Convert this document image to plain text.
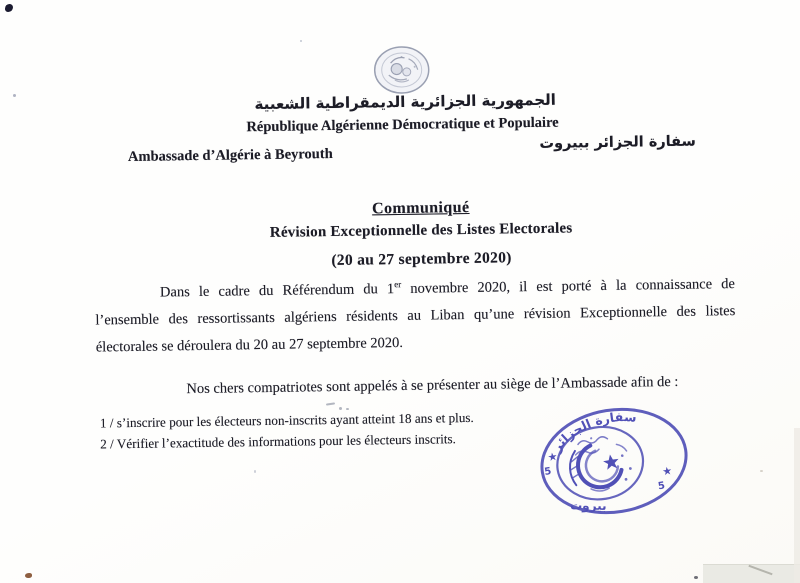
الجمهورية الجزائرية الديمقراطية الشعبية
République Algérienne Démocratique et Populaire
Ambassade d’Algérie à Beyrouth
سفارة الجزائر ببيروت
Communiqué
Révision Exceptionnelle des Listes Electorales
(20 au 27 septembre 2020)
Dans le cadre du Référendum du 1er novembre 2020, il est porté à la connaissance de
l’ensemble des ressortissants algériens résidents au Liban qu’une révision Exceptionnelle des listes
électorales se déroulera du 20 au 27 septembre 2020.
Nos chers compatriotes sont appelés à se présenter au siège de l’Ambassade afin de :
1 / s’inscrire pour les électeurs non-inscrits ayant atteint 18 ans et plus.
2 / Vérifier l’exactitude des informations pour les électeurs inscrits.	سفارة الجزائر
بيروت
★
5	★
5
